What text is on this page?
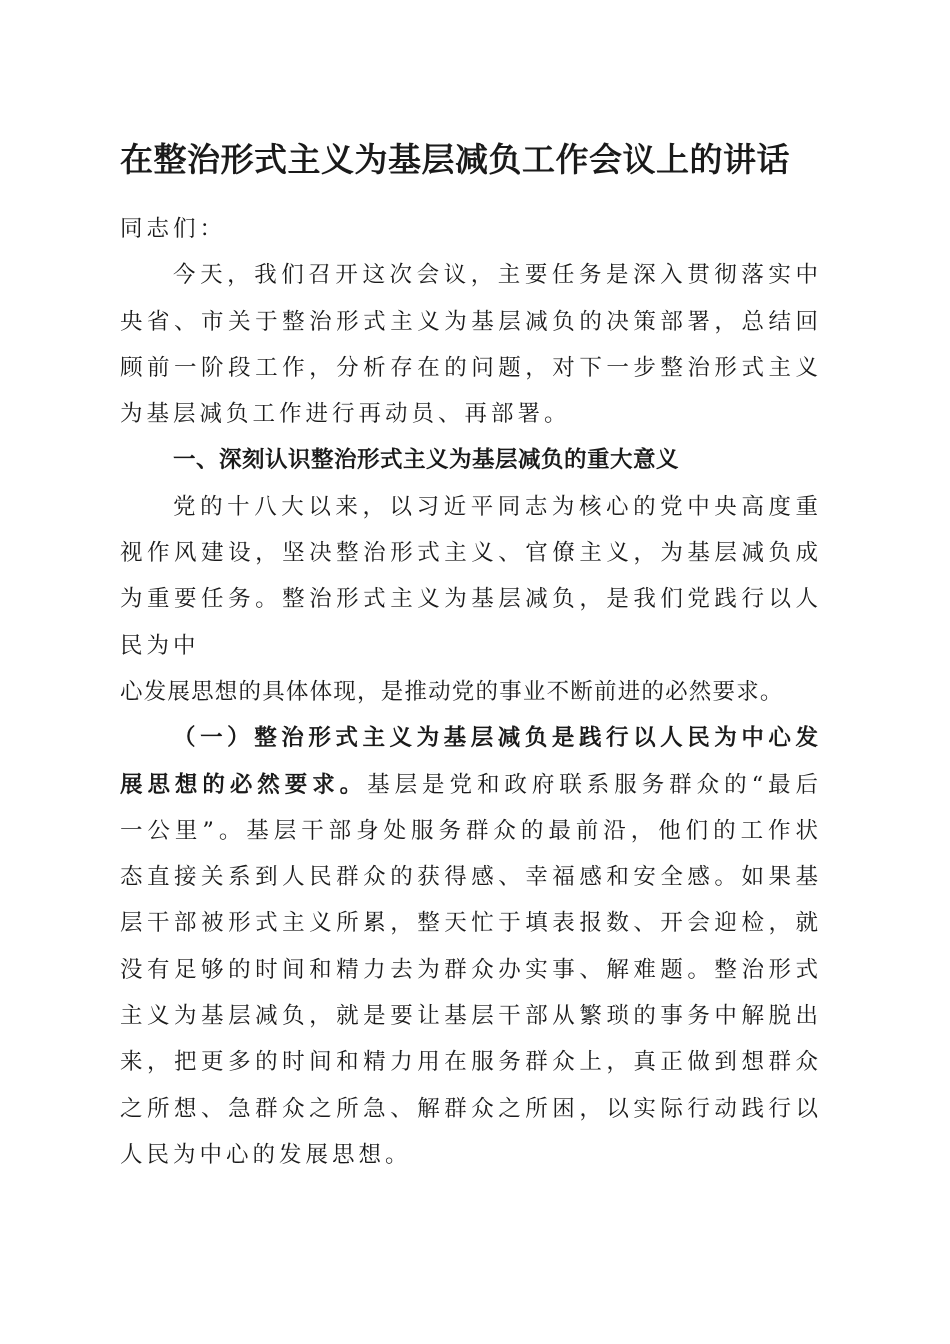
在整治形式主义为基层减负工作会议上的讲话

同志们：

今天，我们召开这次会议，主要任务是深入贯彻落实中央省、市关于整治形式主义为基层减负的决策部署，总结回顾前一阶段工作，分析存在的问题，对下一步整治形式主义为基层减负工作进行再动员、再部署。

一、深刻认识整治形式主义为基层减负的重大意义

党的十八大以来，以习近平同志为核心的党中央高度重视作风建设，坚决整治形式主义、官僚主义，为基层减负成为重要任务。整治形式主义为基层减负，是我们党践行以人民为中
心发展思想的具体体现，是推动党的事业不断前进的必然要求。

（一）整治形式主义为基层减负是践行以人民为中心发展思想的必然要求。基层是党和政府联系服务群众的“最后一公里”。基层干部身处服务群众的最前沿，他们的工作状态直接关系到人民群众的获得感、幸福感和安全感。如果基层干部被形式主义所累，整天忙于填表报数、开会迎检，就没有足够的时间和精力去为群众办实事、解难题。整治形式主义为基层减负，就是要让基层干部从繁琐的事务中解脱出来，把更多的时间和精力用在服务群众上，真正做到想群众之所想、急群众之所急、解群众之所困，以实际行动践行以人民为中心的发展思想。
